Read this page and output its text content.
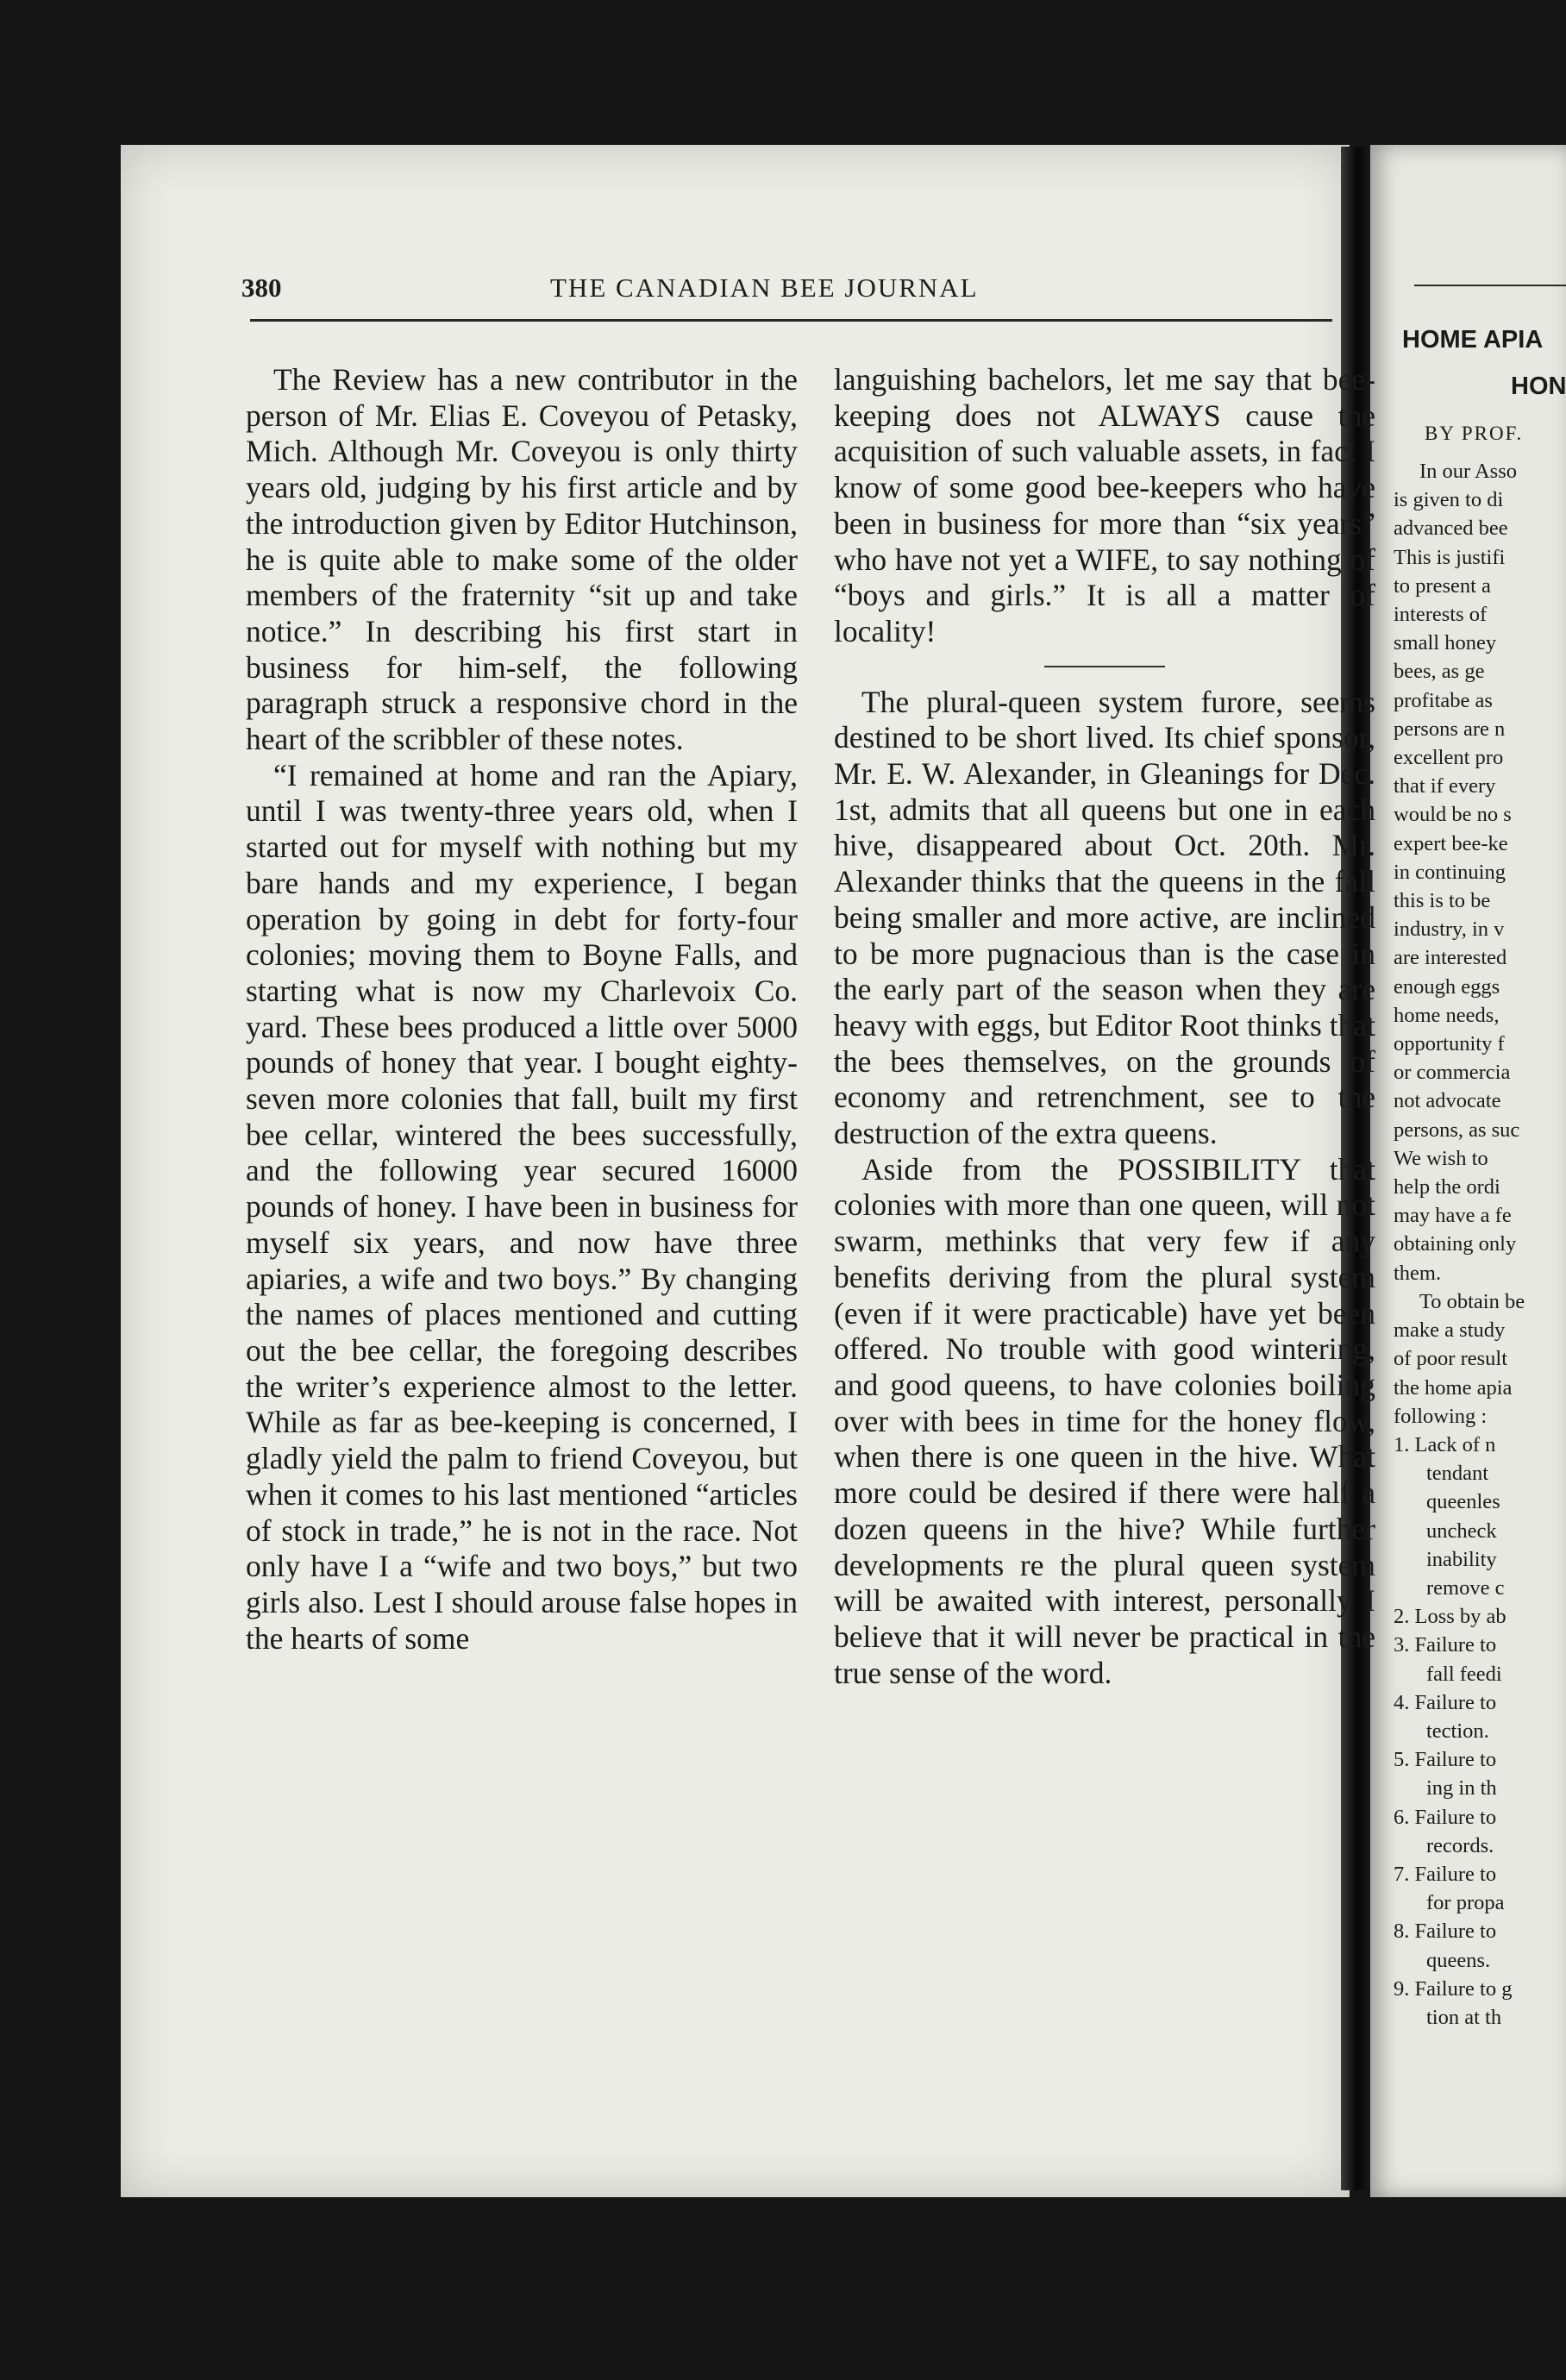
380	THE CANADIAN BEE JOURNAL

The Review has a new contributor in the person of Mr. Elias E. Coveyou of Petasky, Mich. Although Mr. Coveyou is only thirty years old, judging by his first article and by the introduction given by Editor Hutchinson, he is quite able to make some of the older members of the fraternity “sit up and take notice.” In describing his first start in business for him-self, the following paragraph struck a responsive chord in the heart of the scribbler of these notes.

“I remained at home and ran the Apiary, until I was twenty-three years old, when I started out for myself with nothing but my bare hands and my experience, I began operation by going in debt for forty-four colonies; moving them to Boyne Falls, and starting what is now my Charlevoix Co. yard. These bees produced a little over 5000 pounds of honey that year. I bought eighty-seven more colonies that fall, built my first bee cellar, wintered the bees successfully, and the following year secured 16000 pounds of honey. I have been in business for myself six years, and now have three apiaries, a wife and two boys.” By changing the names of places mentioned and cutting out the bee cellar, the foregoing describes the writer’s experience almost to the letter. While as far as bee-keeping is concerned, I gladly yield the palm to friend Coveyou, but when it comes to his last mentioned “articles of stock in trade,” he is not in the race. Not only have I a “wife and two boys,” but two girls also. Lest I should arouse false hopes in the hearts of some

languishing bachelors, let me say that bee-keeping does not ALWAYS cause the acquisition of such valuable assets, in fact I know of some good bee-keepers who have been in business for more than “six years” who have not yet a WIFE, to say nothing of “boys and girls.” It is all a matter of locality!

The plural-queen system furore, seems destined to be short lived. Its chief sponsor, Mr. E. W. Alexander, in Gleanings for Dec. 1st, admits that all queens but one in each hive, disappeared about Oct. 20th. Mr. Alexander thinks that the queens in the fall being smaller and more active, are inclined to be more pugnacious than is the case in the early part of the season when they are heavy with eggs, but Editor Root thinks that the bees themselves, on the grounds of economy and retrenchment, see to the destruction of the extra queens.

Aside from the POSSIBILITY that colonies with more than one queen, will not swarm, methinks that very few if any benefits deriving from the plural system (even if it were practicable) have yet been offered. No trouble with good wintering, and good queens, to have colonies boiling over with bees in time for the honey flow, when there is one queen in the hive. What more could be desired if there were half a dozen queens in the hive? While further developments re the plural queen system will be awaited with interest, personally I believe that it will never be practical in the true sense of the word.

HOME APIA
HON
BY PROF.
In our Asso
is given to di
advanced bee
This is justifi
to present a
interests of
small honey
bees, as ge
profitabe as
persons are n
excellent pro
that if every
would be no s
expert bee-ke
in continuing
this is to be
industry, in v
are interested
enough eggs
home needs,
opportunity f
or commercia
not advocate
persons, as suc
We wish to
help the ordi
may have a fe
obtaining only
them.
To obtain be
make a study
of poor result
the home apia
following :
1. Lack of n
tendant
queenles
uncheck
inability
remove c
2. Loss by ab
3. Failure to
fall feedi
4. Failure to
tection.
5. Failure to
ing in th
6. Failure to
records.
7. Failure to
for propa
8. Failure to
queens.
9. Failure to g
tion at th
